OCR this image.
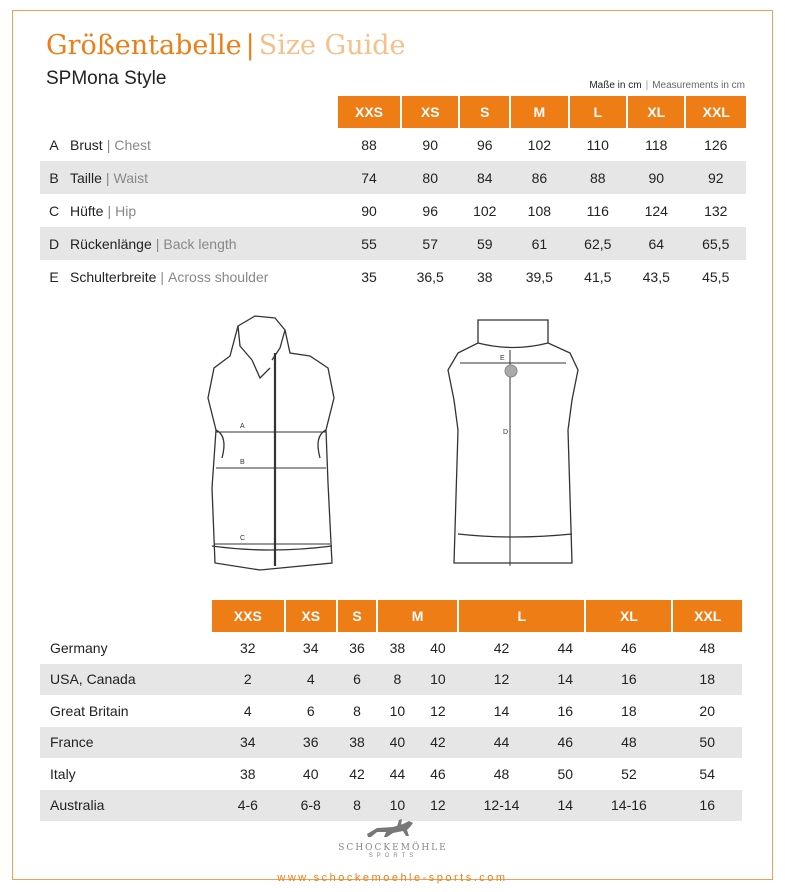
Größentabelle | Size Guide
SPMona Style	Maße in cm | Measurements in cm
		XXS	XS	S	M	L	XL	XXL
A	Brust | Chest	88	90	96	102	110	118	126
B	Taille | Waist	74	80	84	86	88	90	92
C	Hüfte | Hip	90	96	102	108	116	124	132
D	Rückenlänge | Back length	55	57	59	61	62,5	64	65,5
E	Schulterbreite | Across shoulder	35	36,5	38	39,5	41,5	43,5	45,5
A
B
C
D
E
	XXS	XS	S	M		L		XL	XXL
Germany	32	34	36	38	40	42	44	46	48
USA, Canada	2	4	6	8	10	12	14	16	18
Great Britain	4	6	8	10	12	14	16	18	20
France	34	36	38	40	42	44	46	48	50
Italy	38	40	42	44	46	48	50	52	54
Australia	4-6	6-8	8	10	12	12-14	14	14-16	16
SCHOCKEMÖHLE
SPORTS
www.schockemoehle-sports.com
